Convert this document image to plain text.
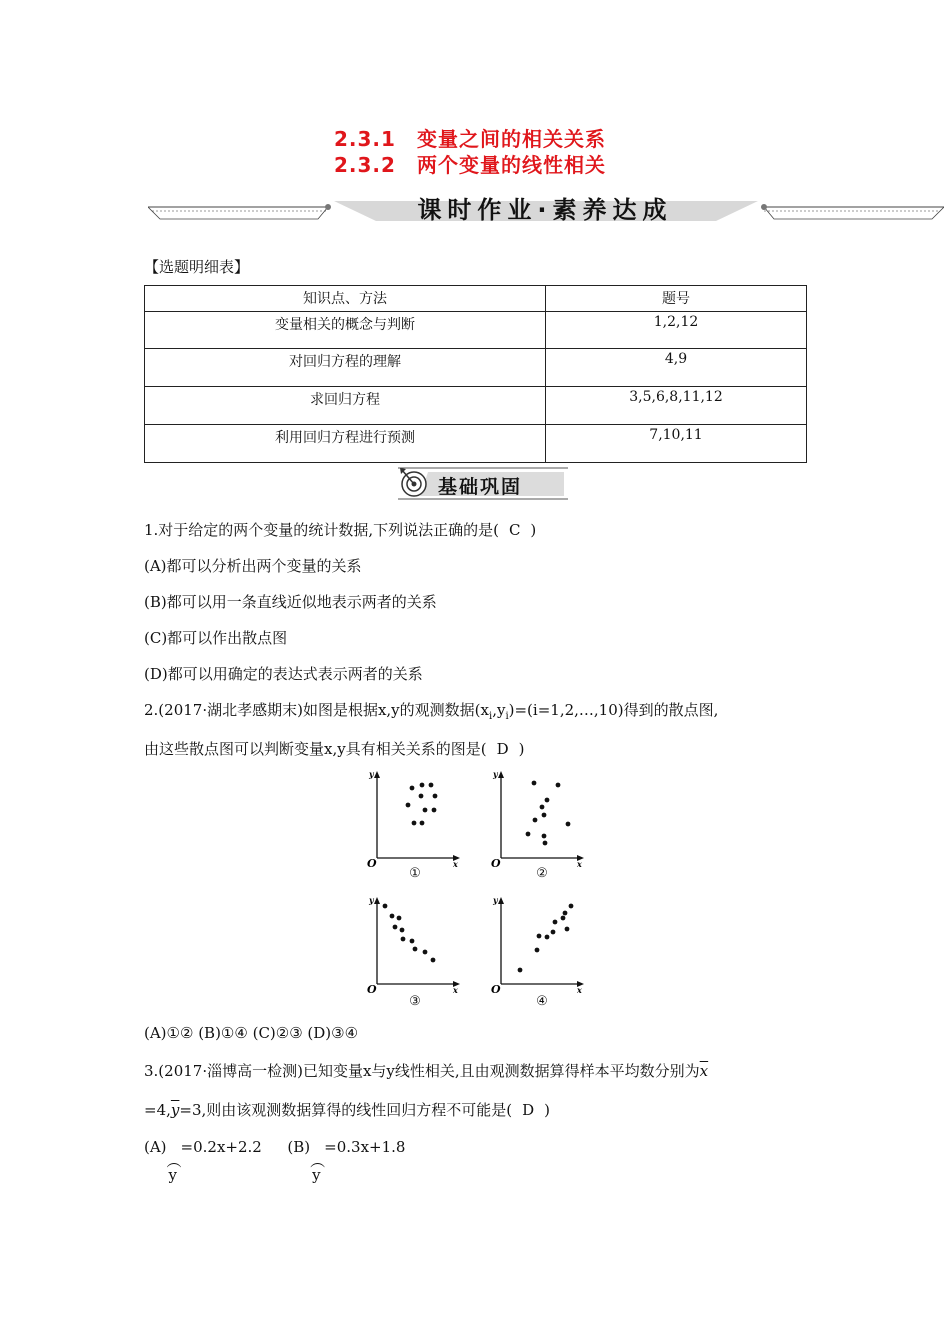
2.3.1　变量之间的相关关系
2.3.2　两个变量的线性相关
课时作业·素养达成
【选题明细表】
知识点、方法	题号
变量相关的概念与判断	1,2,12
对回归方程的理解	4,9
求回归方程	3,5,6,8,11,12
利用回归方程进行预测	7,10,11
基础巩固
1.对于给定的两个变量的统计数据,下列说法正确的是( C )
(A)都可以分析出两个变量的关系
(B)都可以用一条直线近似地表示两者的关系
(C)都可以作出散点图
(D)都可以用确定的表达式表示两者的关系
2.(2017·湖北孝感期末)如图是根据x,y的观测数据$(x_i,y_i)=(i=1,2,\dots,10)$得到的散点图,
由这些散点图可以判断变量x,y具有相关关系的图是( D )
y
x
O
①
y
x
O
②
y
x
O
③
y
x
O
④
(A)①② (B)①④ (C)②③ (D)③④
3.(2017·淄博高一检测)已知变量x与y线性相关,且由观测数据算得样本平均数分别为$\overline{x}$
$=4,\overline{y}=3$,则由该观测数据算得的线性回归方程不可能是( D )
(A)
︵
y
=0.2x+2.2 (B)
︵
y
=0.3x+1.8
